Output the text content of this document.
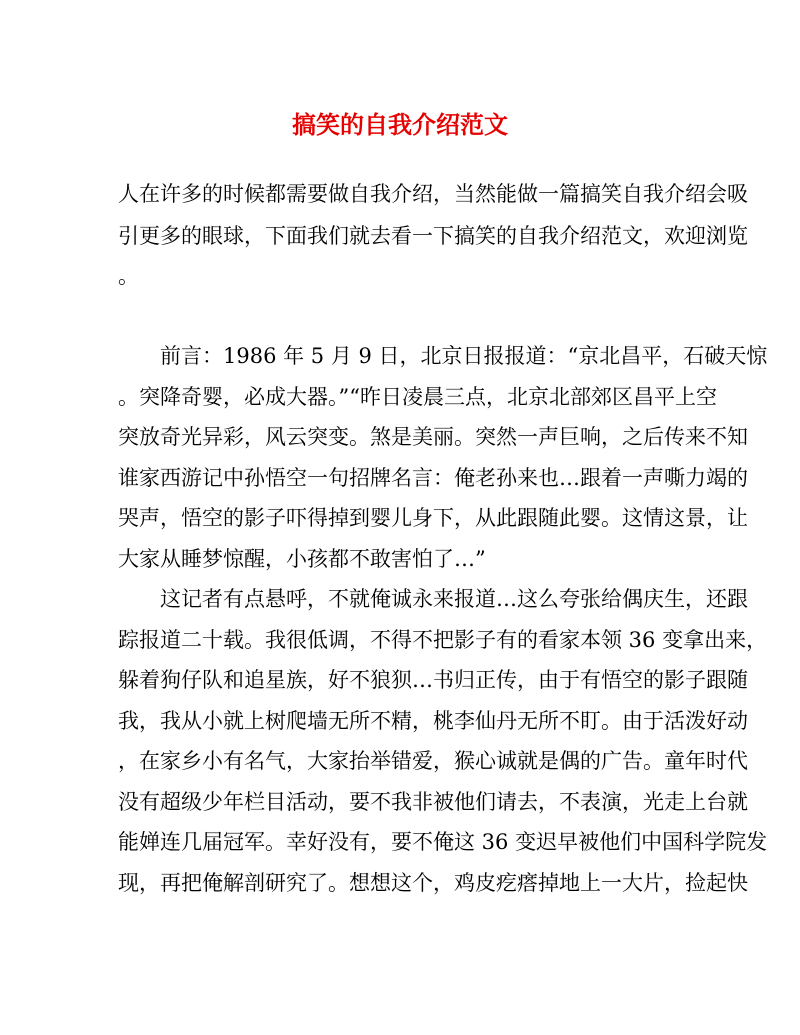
搞笑的自我介绍范文

人在许多的时候都需要做自我介绍，当然能做一篇搞笑自我介绍会吸

引更多的眼球，下面我们就去看一下搞笑的自我介绍范文，欢迎浏览

。

　　前言：1986 年 5 月 9 日，北京日报报道：“京北昌平，石破天惊

。突降奇婴，必成大器。”“昨日凌晨三点，北京北部郊区昌平上空

突放奇光异彩，风云突变。煞是美丽。突然一声巨响，之后传来不知

谁家西游记中孙悟空一句招牌名言：俺老孙来也…跟着一声嘶力竭的

哭声，悟空的影子吓得掉到婴儿身下，从此跟随此婴。这情这景，让

大家从睡梦惊醒，小孩都不敢害怕了…”

　　这记者有点悬呼，不就俺诚永来报道…这么夸张给偶庆生，还跟

踪报道二十载。我很低调，不得不把影子有的看家本领 36 变拿出来，

躲着狗仔队和追星族，好不狼狈…书归正传，由于有悟空的影子跟随

我，我从小就上树爬墙无所不精，桃李仙丹无所不盯。由于活泼好动

，在家乡小有名气，大家抬举错爱，猴心诚就是偶的广告。童年时代

没有超级少年栏目活动，要不我非被他们请去，不表演，光走上台就

能婵连几届冠军。幸好没有，要不俺这 36 变迟早被他们中国科学院发

现，再把俺解剖研究了。想想这个，鸡皮疙瘩掉地上一大片，捡起快
